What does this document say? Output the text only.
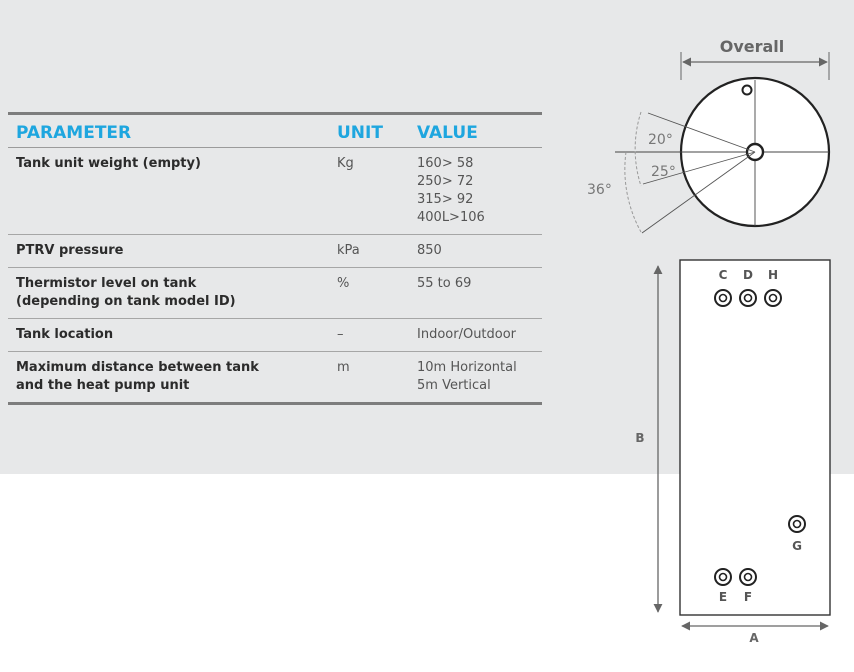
PARAMETER	UNIT	VALUE

Tank unit weight (empty)	Kg	160> 58
250> 72
315> 92
400L>106

PTRV pressure	kPa	850

Thermistor level on tank
(depending on tank model ID)	%	55 to 69

Tank location	–	Indoor/Outdoor

Maximum distance between tank
and the heat pump unit	m	10m Horizontal
5m Vertical
Overall
20°
25°
36°
B
A
C D H
G
E F
